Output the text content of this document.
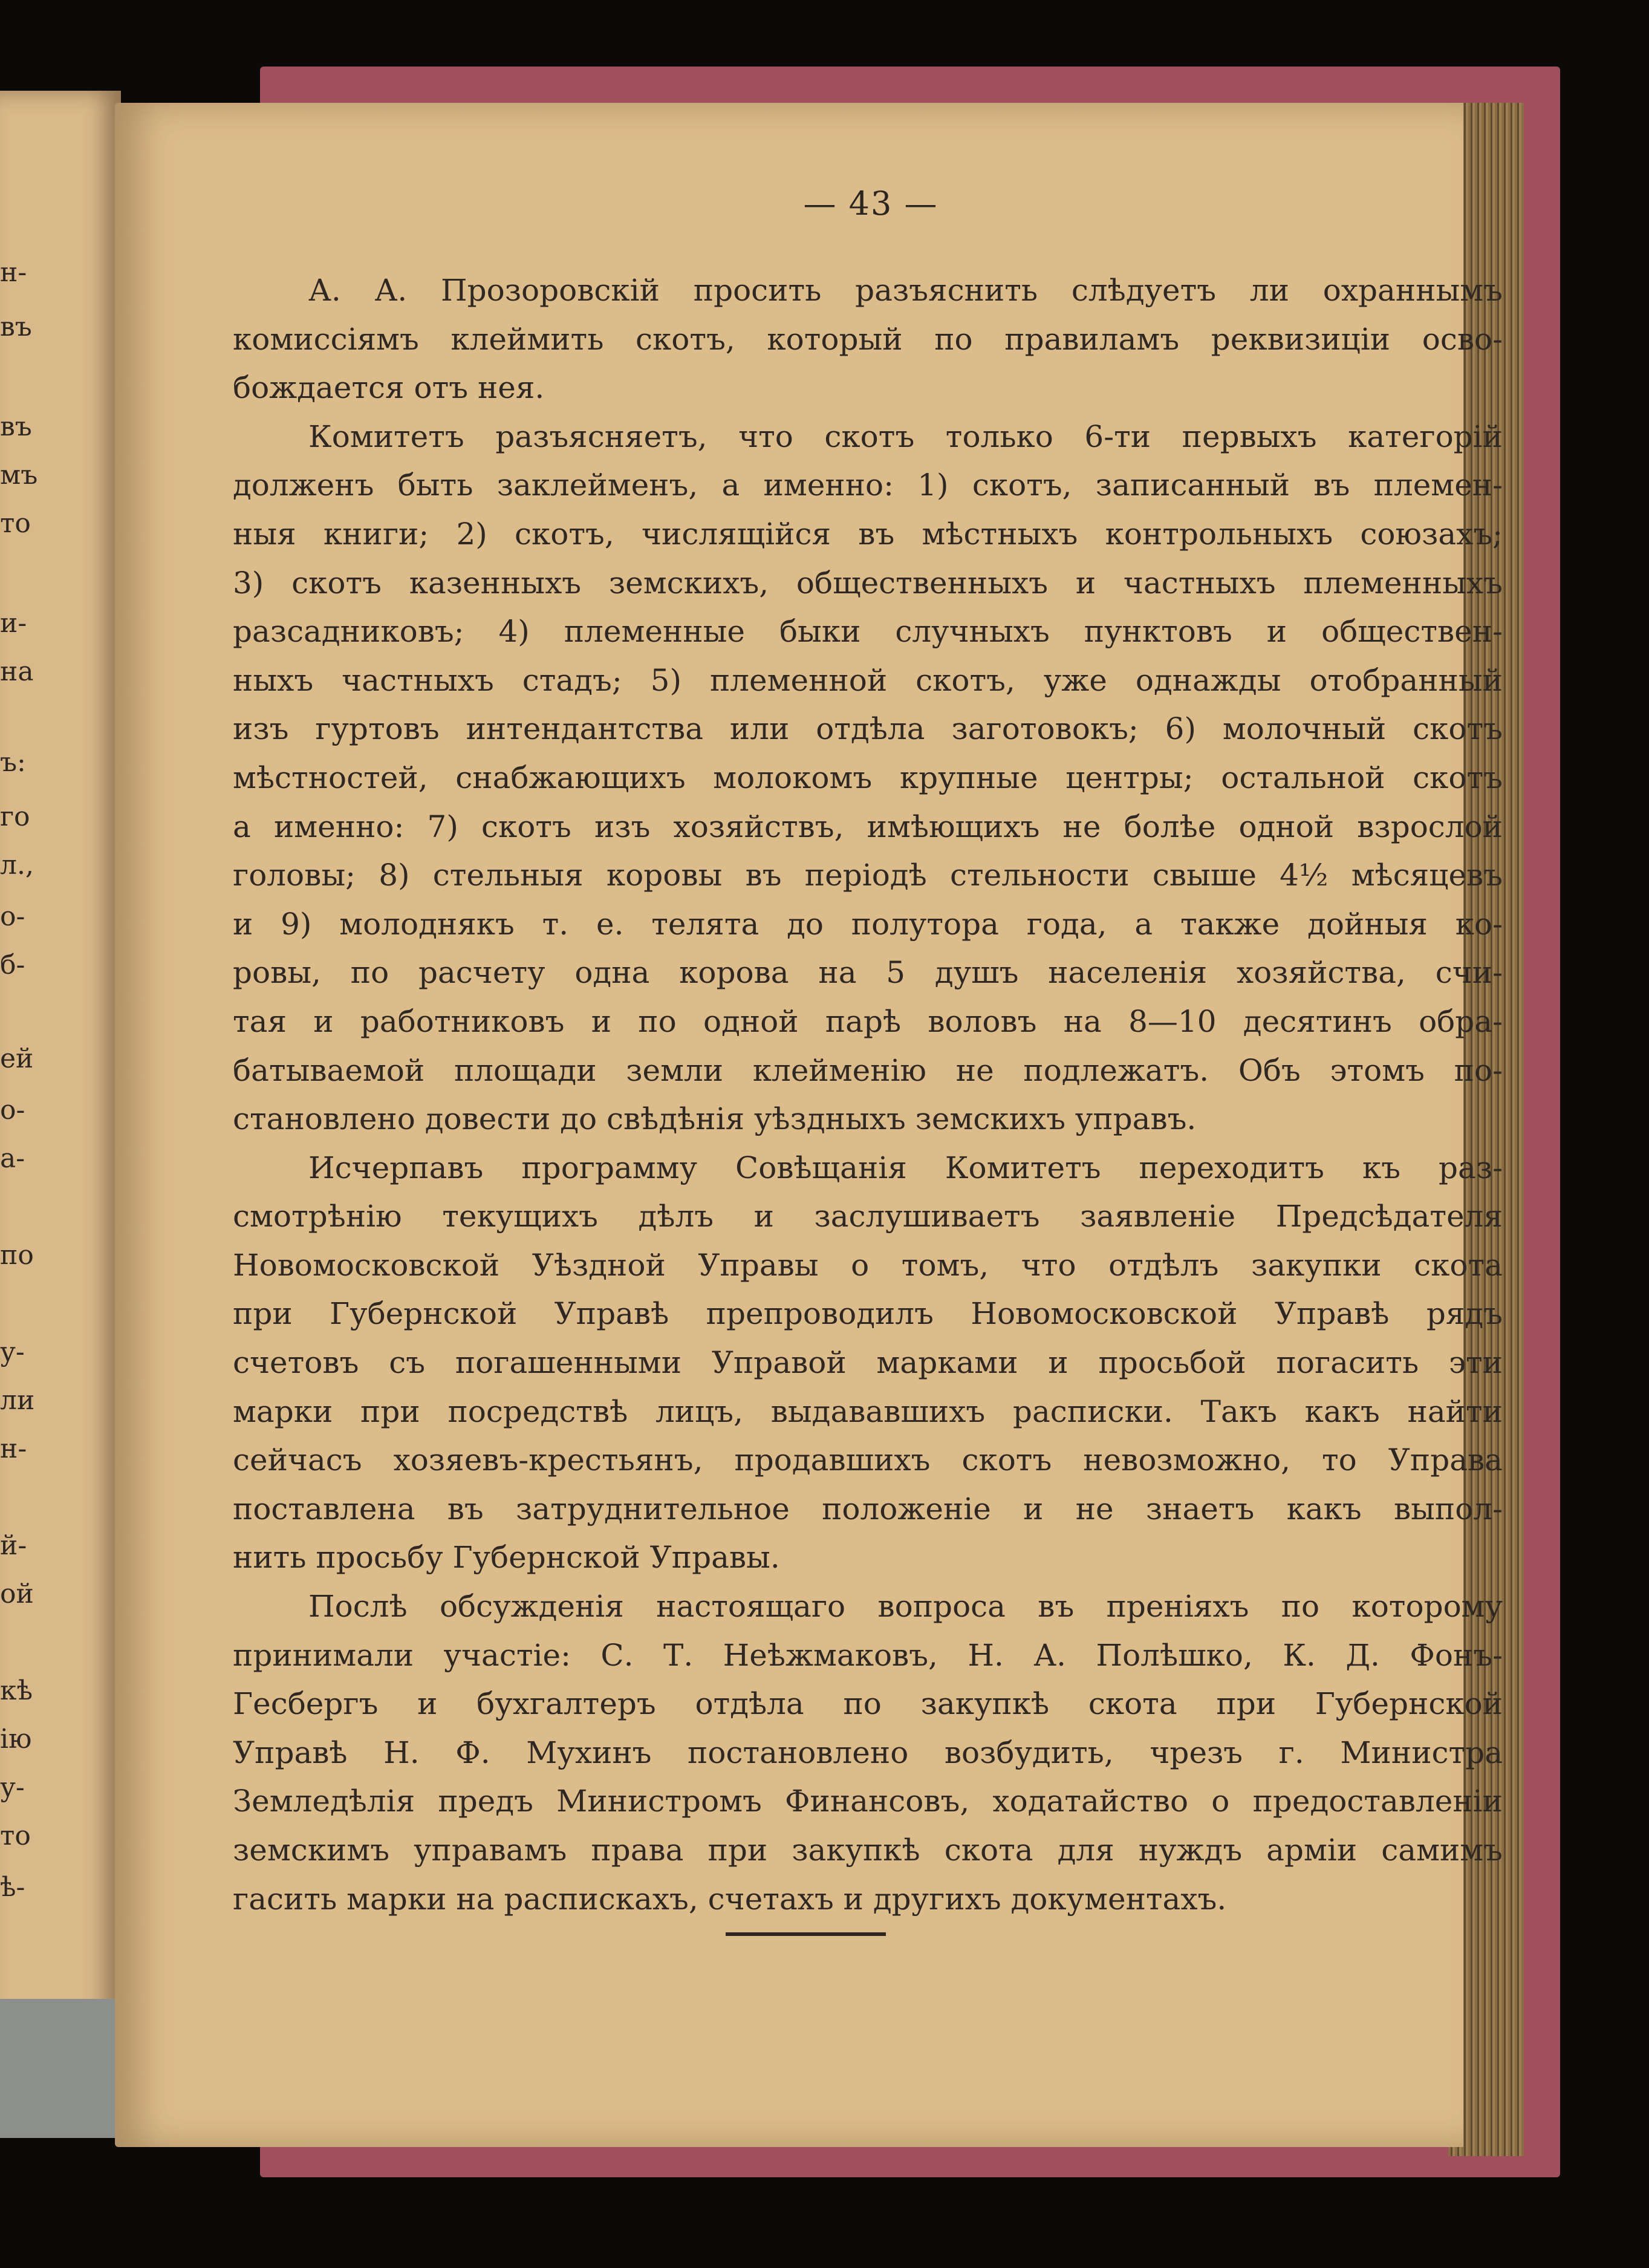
н-
въ
въ
мъ
то
и-
на
ъ:
го
л.,
о-
б-
ей
о-
а-
по
у-
ли
н-
й-
ой
кѣ
ію
у-
то
ѣ-
— 43 —
А. А. Прозоровскій просить разъяснить слѣдуетъ ли охраннымъ
комиссіямъ клеймить скотъ, который по правиламъ реквизиціи осво-
бождается отъ нея.
Комитетъ разъясняетъ, что скотъ только 6-ти первыхъ категорій
долженъ быть заклейменъ, а именно: 1) скотъ, записанный въ племен-
ныя книги; 2) скотъ, числящійся въ мѣстныхъ контрольныхъ союзахъ;
3) скотъ казенныхъ земскихъ, общественныхъ и частныхъ племенныхъ
разсадниковъ; 4) племенные быки случныхъ пунктовъ и обществен-
ныхъ частныхъ стадъ; 5) племенной скотъ, уже однажды отобранный
изъ гуртовъ интендантства или отдѣла заготовокъ; 6) молочный скотъ
мѣстностей, снабжающихъ молокомъ крупные центры; остальной скотъ
а именно: 7) скотъ изъ хозяйствъ, имѣющихъ не болѣе одной взрослой
головы; 8) стельныя коровы въ періодѣ стельности свыше 4½ мѣсяцевъ
и 9) молоднякъ т. е. телята до полутора года, а также дойныя ко-
ровы, по расчету одна корова на 5 душъ населенія хозяйства, счи-
тая и работниковъ и по одной парѣ воловъ на 8—10 десятинъ обра-
батываемой площади земли клейменію не подлежатъ. Объ этомъ по-
становлено довести до свѣдѣнія уѣздныхъ земскихъ управъ.
Исчерпавъ программу Совѣщанія Комитетъ переходитъ къ раз-
смотрѣнію текущихъ дѣлъ и заслушиваетъ заявленіе Предсѣдателя
Новомосковской Уѣздной Управы о томъ, что отдѣлъ закупки скота
при Губернской Управѣ препроводилъ Новомосковской Управѣ рядъ
счетовъ съ погашенными Управой марками и просьбой погасить эти
марки при посредствѣ лицъ, выдававшихъ расписки. Такъ какъ найти
сейчасъ хозяевъ-крестьянъ, продавшихъ скотъ невозможно, то Управа
поставлена въ затруднительное положеніе и не знаетъ какъ выпол-
нить просьбу Губернской Управы.
Послѣ обсужденія настоящаго вопроса въ преніяхъ по которому
принимали участіе: С. Т. Неѣжмаковъ, Н. А. Полѣшко, К. Д. Фонъ-
Гесбергъ и бухгалтеръ отдѣла по закупкѣ скота при Губернской
Управѣ Н. Ф. Мухинъ постановлено возбудить, чрезъ г. Министра
Земледѣлія предъ Министромъ Финансовъ, ходатайство о предоставленіи
земскимъ управамъ права при закупкѣ скота для нуждъ арміи самимъ
гасить марки на распискахъ, счетахъ и другихъ документахъ.
